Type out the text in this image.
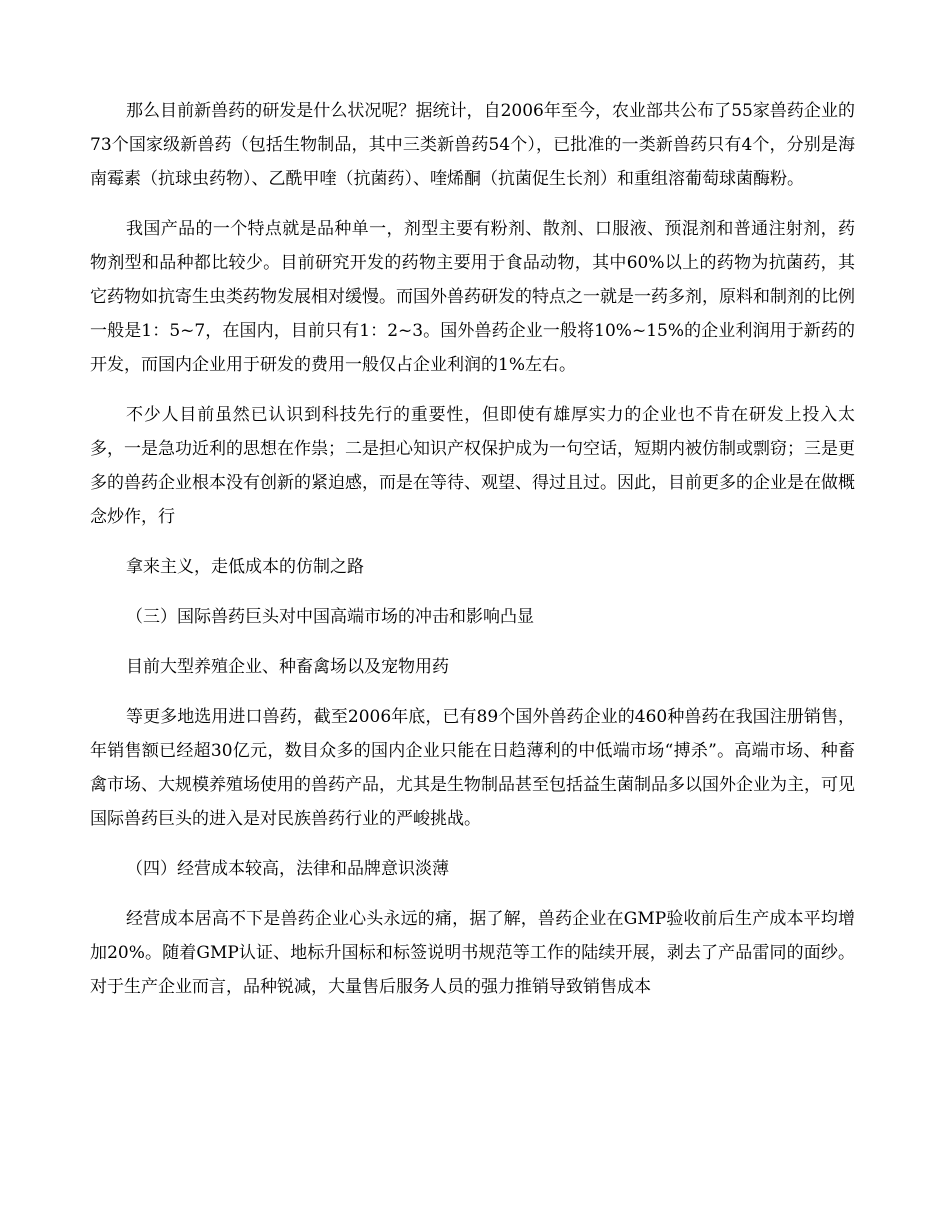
那么目前新兽药的研发是什么状况呢？据统计，自2006年至今，农业部共公布了55家兽药企业的73个国家级新兽药（包括生物制品，其中三类新兽药54个），已批准的一类新兽药只有4个，分别是海南霉素（抗球虫药物）、乙酰甲喹（抗菌药）、喹烯酮（抗菌促生长剂）和重组溶葡萄球菌酶粉。

我国产品的一个特点就是品种单一，剂型主要有粉剂、散剂、口服液、预混剂和普通注射剂，药物剂型和品种都比较少。目前研究开发的药物主要用于食品动物，其中60%以上的药物为抗菌药，其它药物如抗寄生虫类药物发展相对缓慢。而国外兽药研发的特点之一就是一药多剂，原料和制剂的比例一般是1：5~7，在国内，目前只有1：2~3。国外兽药企业一般将10%~15%的企业利润用于新药的开发，而国内企业用于研发的费用一般仅占企业利润的1%左右。

不少人目前虽然已认识到科技先行的重要性，但即使有雄厚实力的企业也不肯在研发上投入太多，一是急功近利的思想在作祟；二是担心知识产权保护成为一句空话，短期内被仿制或剽窃；三是更多的兽药企业根本没有创新的紧迫感，而是在等待、观望、得过且过。因此，目前更多的企业是在做概念炒作，行

拿来主义，走低成本的仿制之路

（三）国际兽药巨头对中国高端市场的冲击和影响凸显

目前大型养殖企业、种畜禽场以及宠物用药

等更多地选用进口兽药，截至2006年底，已有89个国外兽药企业的460种兽药在我国注册销售，年销售额已经超30亿元，数目众多的国内企业只能在日趋薄利的中低端市场“搏杀”。高端市场、种畜禽市场、大规模养殖场使用的兽药产品，尤其是生物制品甚至包括益生菌制品多以国外企业为主，可见国际兽药巨头的进入是对民族兽药行业的严峻挑战。

（四）经营成本较高，法律和品牌意识淡薄

经营成本居高不下是兽药企业心头永远的痛，据了解，兽药企业在GMP验收前后生产成本平均增加20%。随着GMP认证、地标升国标和标签说明书规范等工作的陆续开展，剥去了产品雷同的面纱。对于生产企业而言，品种锐减，大量售后服务人员的强力推销导致销售成本
